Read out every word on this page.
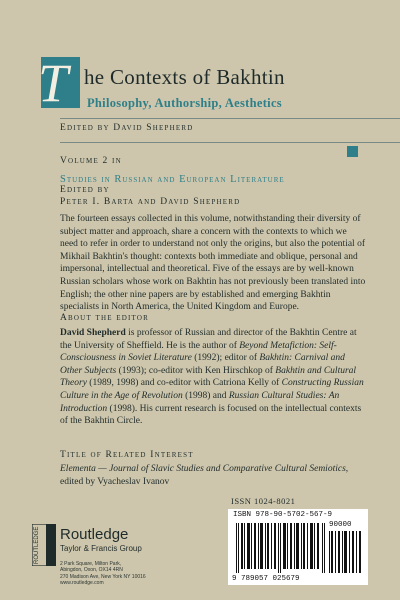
T he Contexts of Bakhtin
Philosophy, Authorship, Aesthetics
Edited by David Shepherd
Volume 2 in
Studies in Russian and European Literature
Edited by
Peter I. Barta and David Shepherd

The fourteen essays collected in this volume, notwithstanding their diversity of subject matter and approach, share a concern with the contexts to which we need to refer in order to understand not only the origins, but also the potential of Mikhail Bakhtin's thought: contexts both immediate and oblique, personal and impersonal, intellectual and theoretical. Five of the essays are by well-known Russian scholars whose work on Bakhtin has not previously been translated into English; the other nine papers are by established and emerging Bakhtin specialists in North America, the United Kingdom and Europe.

About the editor

David Shepherd is professor of Russian and director of the Bakhtin Centre at the University of Sheffield. He is the author of Beyond Metafiction: Self-Consciousness in Soviet Literature (1992); editor of Bakhtin: Carnival and Other Subjects (1993); co-editor with Ken Hirschkop of Bakhtin and Cultural Theory (1989, 1998) and co-editor with Catriona Kelly of Constructing Russian Culture in the Age of Revolution (1998) and Russian Cultural Studies: An Introduction (1998). His current research is focused on the intellectual contexts of the Bakhtin Circle.

Title of Related Interest
Elementa — Journal of Slavic Studies and Comparative Cultural Semiotics, edited by Vyacheslav Ivanov
ISSN 1024-8021
ISBN 978-90-5702-567-9
90000
9 789057 025679
ROUTLEDGE Routledge
Taylor & Francis Group
2 Park Square, Milton Park,
Abingdon, Oxon, OX14 4RN
270 Madison Ave, New York NY 10016
www.routledge.com
